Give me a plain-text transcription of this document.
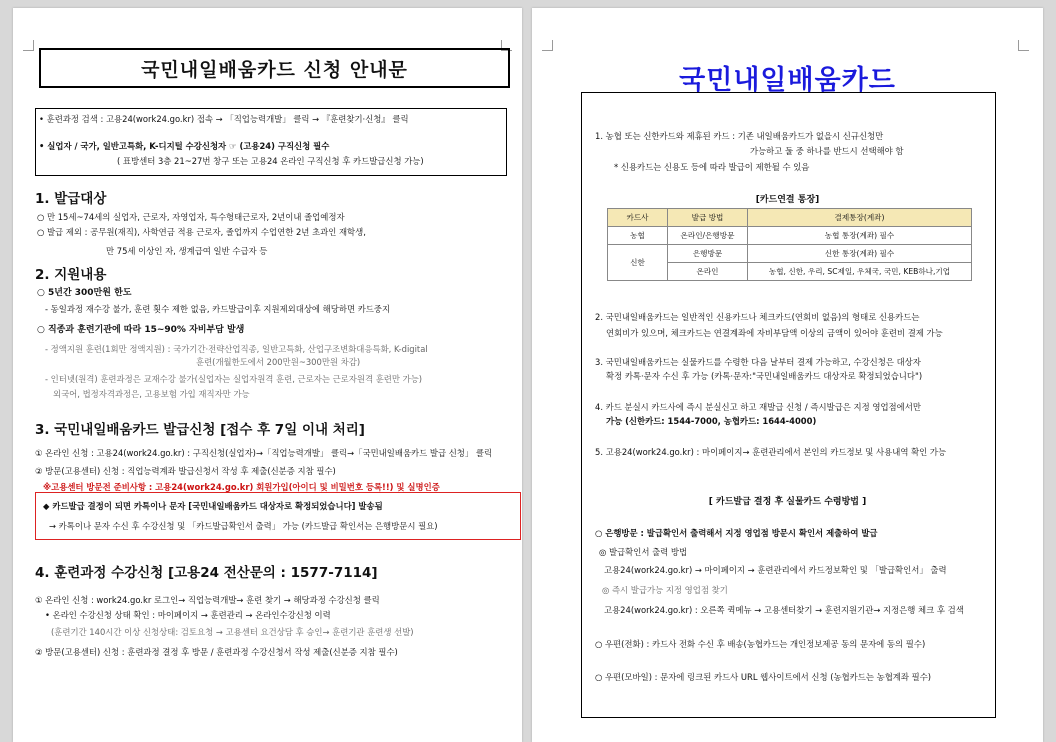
국민내일배움카드 신청 안내문
• 훈련과정 검색 : 고용24(work24.go.kr) 접속 → 「직업능력개발」 클릭 → 『훈련찾기·신청』 클릭
• 실업자 / 국가, 일반고특화, K-디지털 수강신청자 ☞ (고용24) 구직신청 필수
( 표방센터 3층 21~27번 창구 또는 고용24 온라인 구직신청 후 카드발급신청 가능)
1. 발급대상
○ 만 15세~74세의 실업자, 근로자, 자영업자, 특수형태근로자, 2년이내 졸업예정자
○ 발급 제외 : 공무원(재직), 사학연금 적용 근로자, 졸업까지 수업연한 2년 초과인 재학생,
만 75세 이상인 자, 생계급여 일반 수급자 등
2. 지원내용
○ 5년간 300만원 한도
- 동일과정 재수강 불가, 훈련 횟수 제한 없음, 카드발급이후 지원제외대상에 해당하면 카드중지
○ 직종과 훈련기관에 따라 15~90% 자비부담 발생
- 정액지원 훈련(1회만 정액지원) : 국가기간·전략산업직종, 일반고특화, 산업구조변화대응특화, K-digital
훈련(개월한도에서 200만원~300만원 차감)
- 인터넷(원격) 훈련과정은 교재수강 불가(실업자는 실업자원격 훈련, 근로자는 근로자원격 훈련만 가능)
외국어, 법정자격과정은, 고용보험 가입 재직자만 가능
3. 국민내일배움카드 발급신청 [접수 후 7일 이내 처리]
① 온라인 신청 : 고용24(work24.go.kr) : 구직신청(실업자)→「직업능력개발」 클릭→「국민내일배움카드 발급 신청」 클릭
② 방문(고용센터) 신청 : 직업능력계좌 발급신청서 작성 후 제출(신분증 지참 필수)
※고용센터 방문전 준비사항 : 고용24(work24.go.kr) 회원가입(아이디 및 비밀번호 등록!!) 및 실명인증
◆ 카드발급 결정이 되면 카톡이나 문자 [국민내일배움카드 대상자로 확정되었습니다] 발송됨
→ 카톡이나 문자 수신 후 수강신청 및 「카드발급확인서 출력」 가능 (카드발급 확인서는 은행방문시 필요)
4. 훈련과정 수강신청 [고용24 전산문의 : 1577-7114]
① 온라인 신청 : work24.go.kr 로그인→ 직업능력개발→ 훈련 찾기 → 해당과정 수강신청 클릭
• 온라인 수강신청 상태 확인 : 마이페이지 → 훈련관리 → 온라인수강신청 이력
(훈련기간 140시간 이상 신청상태: 검토요청 → 고용센터 요건상담 후 승인→ 훈련기관 훈련생 선발)
② 방문(고용센터) 신청 : 훈련과정 결정 후 방문 / 훈련과정 수강신청서 작성 제출(신분증 지참 필수)
국민내일배움카드
1. 농협 또는 신한카드와 제휴된 카드 : 기존 내일배움카드가 없을시 신규신청만
가능하고 둘 중 하나를 반드시 선택해야 함
* 신용카드는 신용도 등에 따라 발급이 제한될 수 있음
[카드연결 통장]
카드사	발급 방법	결제통장(계좌)
농협	온라인/은행방문	농협 통장(계좌) 필수
신한	은행방문	신한 통장(계좌) 필수
	온라인	농협, 신한, 우리, SC제일, 우체국, 국민, KEB하나,기업
2. 국민내일배움카드는 일반적인 신용카드나 체크카드(연회비 없음)의 형태로 신용카드는
연회비가 있으며, 체크카드는 연결계좌에 자비부담액 이상의 금액이 있어야 훈련비 결제 가능
3. 국민내일배움카드는 실물카드를 수령한 다음 날부터 결제 가능하고, 수강신청은 대상자
확정 카톡·문자 수신 후 가능 (카톡·문자:"국민내일배움카드 대상자로 확정되었습니다")
4. 카드 분실시 카드사에 즉시 분실신고 하고 재발급 신청 / 즉시발급은 지정 영업점에서만
가능 (신한카드: 1544-7000, 농협카드: 1644-4000)
5. 고용24(work24.go.kr) : 마이페이지→ 훈련관리에서 본인의 카드정보 및 사용내역 확인 가능
[ 카드발급 결정 후 실물카드 수령방법 ]
○ 은행방문 : 발급확인서 출력해서 지정 영업점 방문시 확인서 제출하여 발급
◎ 발급확인서 출력 방법
고용24(work24.go.kr) → 마이페이지 → 훈련관리에서 카드정보확인 및 「발급확인서」 출력
◎ 즉시 발급가능 지정 영업점 찾기
고용24(work24.go.kr) : 오른쪽 퀵메뉴 → 고용센터찾기 → 훈련지원기관→ 지정은행 체크 후 검색
○ 우편(전화) : 카드사 전화 수신 후 배송(농협카드는 개인정보제공 동의 문자에 동의 필수)
○ 우편(모바일) : 문자에 링크된 카드사 URL 웹사이트에서 신청 (농협카드는 농협계좌 필수)
